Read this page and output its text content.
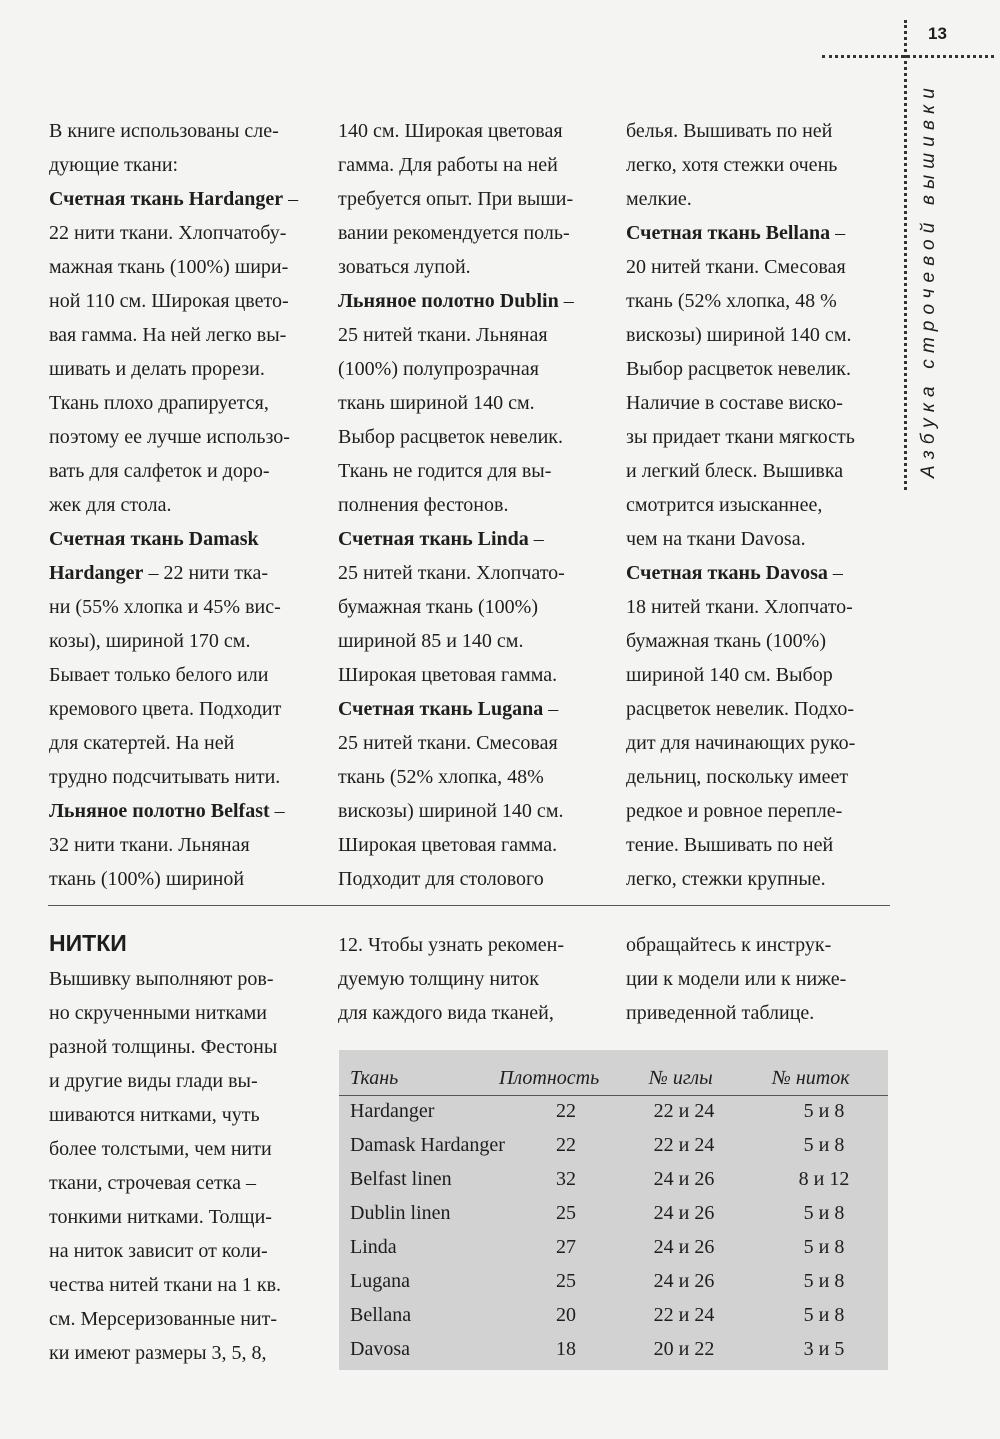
13
Азбука строчевой вышивки
В книге использованы сле-
дующие ткани:
Счетная ткань Hardanger –
22 нити ткани. Хлопчатобу-
мажная ткань (100%) шири-
ной 110 см. Широкая цвето-
вая гамма. На ней легко вы-
шивать и делать прорези.
Ткань плохо драпируется,
поэтому ее лучше использо-
вать для салфеток и доро-
жек для стола.
Счетная ткань Damask
Hardanger – 22 нити тка-
ни (55% хлопка и 45% вис-
козы), шириной 170 см.
Бывает только белого или
кремового цвета. Подходит
для скатертей. На ней
трудно подсчитывать нити.
Льняное полотно Belfast –
32 нити ткани. Льняная
ткань (100%) шириной
140 см. Широкая цветовая
гамма. Для работы на ней
требуется опыт. При выши-
вании рекомендуется поль-
зоваться лупой.
Льняное полотно Dublin –
25 нитей ткани. Льняная
(100%) полупрозрачная
ткань шириной 140 см.
Выбор расцветок невелик.
Ткань не годится для вы-
полнения фестонов.
Счетная ткань Linda –
25 нитей ткани. Хлопчато-
бумажная ткань (100%)
шириной 85 и 140 см.
Широкая цветовая гамма.
Счетная ткань Lugana –
25 нитей ткани. Смесовая
ткань (52% хлопка, 48%
вискозы) шириной 140 см.
Широкая цветовая гамма.
Подходит для столового
белья. Вышивать по ней
легко, хотя стежки очень
мелкие.
Счетная ткань Bellana –
20 нитей ткани. Смесовая
ткань (52% хлопка, 48 %
вискозы) шириной 140 см.
Выбор расцветок невелик.
Наличие в составе виско-
зы придает ткани мягкость
и легкий блеск. Вышивка
смотрится изысканнее,
чем на ткани Davosa.
Счетная ткань Davosa –
18 нитей ткани. Хлопчато-
бумажная ткань (100%)
шириной 140 см. Выбор
расцветок невелик. Подхо-
дит для начинающих руко-
дельниц, поскольку имеет
редкое и ровное перепле-
тение. Вышивать по ней
легко, стежки крупные.
НИТКИ
Вышивку выполняют ров-
но скрученными нитками
разной толщины. Фестоны
и другие виды глади вы-
шиваются нитками, чуть
более толстыми, чем нити
ткани, строчевая сетка –
тонкими нитками. Толщи-
на ниток зависит от коли-
чества нитей ткани на 1 кв.
см. Мерсеризованные нит-
ки имеют размеры 3, 5, 8,
12. Чтобы узнать рекомен-
дуемую толщину ниток
для каждого вида тканей,
обращайтесь к инструк-
ции к модели или к ниже-
приведенной таблице.
Ткань	Плотность № иглы	№ ниток
Hardanger	22	22 и 24	5 и 8
Damask Hardanger	22	22 и 24	5 и 8
Belfast linen	32	24 и 26	8 и 12
Dublin linen	25	24 и 26	5 и 8
Linda	27	24 и 26	5 и 8
Lugana	25	24 и 26	5 и 8
Bellana	20	22 и 24	5 и 8
Davosa	18	20 и 22	3 и 5
